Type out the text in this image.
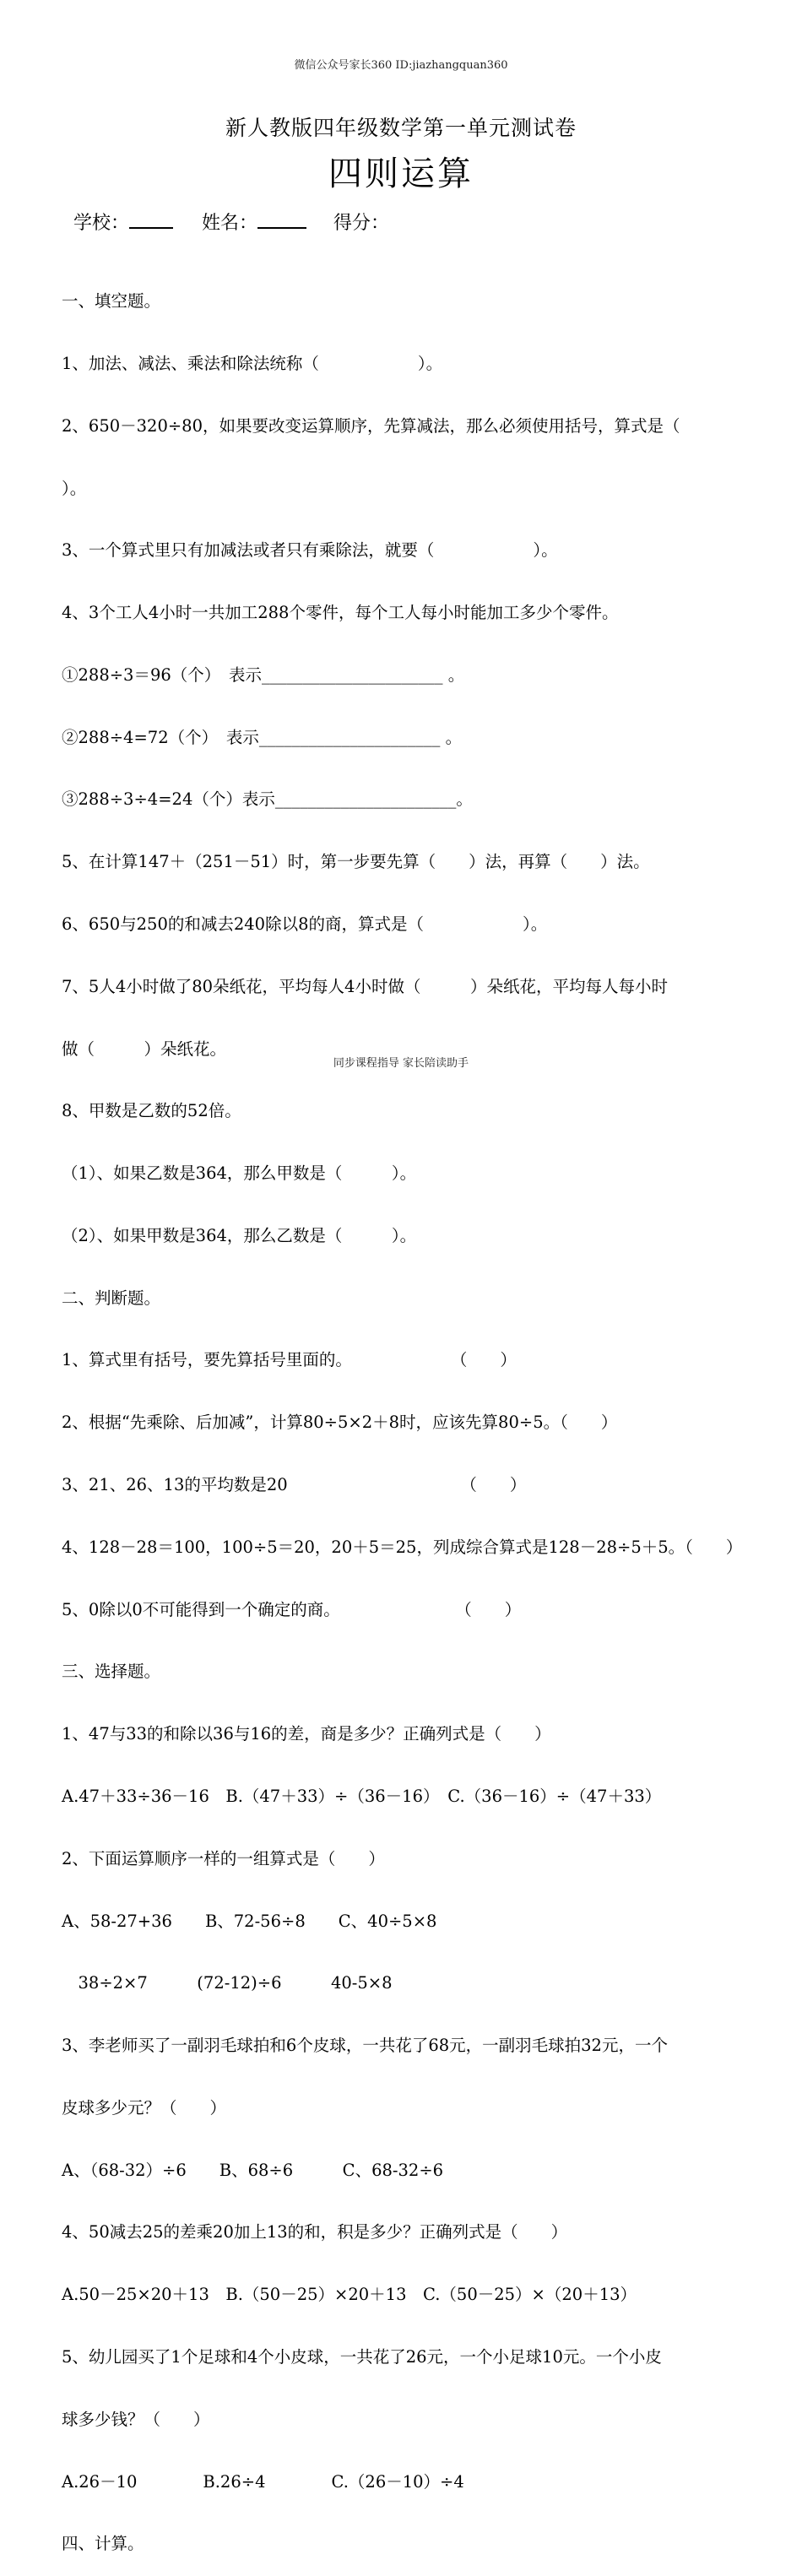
微信公众号家长360 ID:jiazhangquan360
新人教版四年级数学第一单元测试卷
四则运算

学校：	姓名：	得分：

一、填空题。

1、加法、减法、乘法和除法统称（　　　　　　）。

2、650－320÷80，如果要改变运算顺序，先算减法，那么必须使用括号，算式是（

）。

3、一个算式里只有加减法或者只有乘除法，就要（　　　　　　）。

4、3个工人4小时一共加工288个零件，每个工人每小时能加工多少个零件。

①288÷3＝96（个）　表示______________________ 。

②288÷4=72（个）　表示______________________ 。

③288÷3÷4=24（个）表示______________________。

5、在计算147＋（251－51）时，第一步要先算（　　）法，再算（　　）法。

6、650与250的和减去240除以8的商，算式是（　　　　　　）。

7、5人4小时做了80朵纸花，平均每人4小时做（　　　）朵纸花，平均每人每小时

做（　　　）朵纸花。

8、甲数是乙数的52倍。

（1）、如果乙数是364，那么甲数是（　　　）。

（2）、如果甲数是364，那么乙数是（　　　）。

二、判断题。

1、算式里有括号，要先算括号里面的。　　　　　　　（　　）

2、根据“先乘除、后加减”，计算80÷5×2＋8时，应该先算80÷5。（　　）

3、21、26、13的平均数是20　　　　　　　　　　　（　　）

4、128－28＝100，100÷5＝20，20＋5＝25，列成综合算式是128－28÷5＋5。（　　）

5、0除以0不可能得到一个确定的商。　　　　　　　　（　　）

三、选择题。

1、47与33的和除以36与16的差，商是多少？正确列式是（　　）

A.47＋33÷36－16　B.（47＋33）÷（36－16）　C.（36－16）÷（47＋33）

2、下面运算顺序一样的一组算式是（　　）

A、58-27+36　　B、72-56÷8　　C、40÷5×8

　38÷2×7　　　(72-12)÷6　　　40-5×8

3、李老师买了一副羽毛球拍和6个皮球，一共花了68元，一副羽毛球拍32元，一个

皮球多少元？（　　）

A、（68-32）÷6　　B、68÷6　　　C、68-32÷6

4、50减去25的差乘20加上13的和，积是多少？正确列式是（　　）

A.50－25×20＋13　B.（50－25）×20＋13　C.（50－25）×（20＋13）

5、幼儿园买了1个足球和4个小皮球，一共花了26元，一个小足球10元。一个小皮

球多少钱？（　　）

A.26－10　　　　B.26÷4　　　　C.（26－10）÷4

四、计算。

同步课程指导 家长陪读助手
